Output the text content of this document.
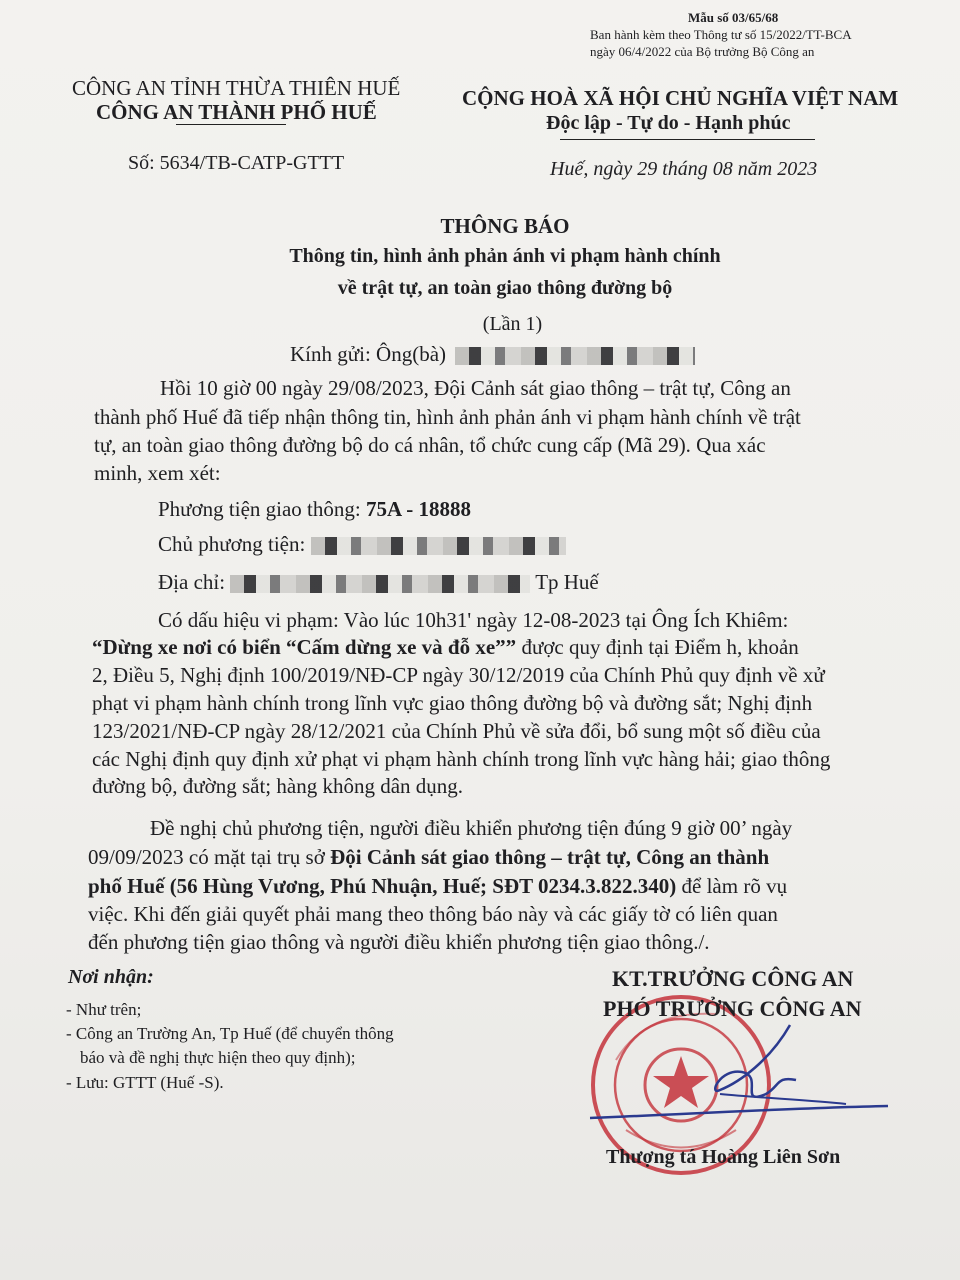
Mẫu số 03/65/68
Ban hành kèm theo Thông tư số 15/2022/TT-BCA
ngày 06/4/2022 của Bộ trưởng Bộ Công an
CÔNG AN TỈNH THỪA THIÊN HUẾ
CÔNG AN THÀNH PHỐ HUẾ
CỘNG HOÀ XÃ HỘI CHỦ NGHĨA VIỆT NAM
Độc lập - Tự do - Hạnh phúc
Số: 5634/TB-CATP-GTTT	Huế, ngày 29 tháng 08 năm 2023
THÔNG BÁO
Thông tin, hình ảnh phản ánh vi phạm hành chính
về trật tự, an toàn giao thông đường bộ
(Lần 1)
Kính gửi: Ông(bà)
Hồi 10 giờ 00 ngày 29/08/2023, Đội Cảnh sát giao thông – trật tự, Công an
thành phố Huế đã tiếp nhận thông tin, hình ảnh phản ánh vi phạm hành chính về trật
tự, an toàn giao thông đường bộ do cá nhân, tổ chức cung cấp (Mã 29). Qua xác
minh, xem xét:
Phương tiện giao thông: 75A - 18888
Chủ phương tiện:
Địa chỉ:	Tp Huế
Có dấu hiệu vi phạm: Vào lúc 10h31' ngày 12-08-2023 tại Ông Ích Khiêm:
“Dừng xe nơi có biển “Cấm dừng xe và đỗ xe”” được quy định tại Điểm h, khoản
2, Điều 5, Nghị định 100/2019/NĐ-CP ngày 30/12/2019 của Chính Phủ quy định về xử
phạt vi phạm hành chính trong lĩnh vực giao thông đường bộ và đường sắt; Nghị định
123/2021/NĐ-CP ngày 28/12/2021 của Chính Phủ về sửa đổi, bổ sung một số điều của
các Nghị định quy định xử phạt vi phạm hành chính trong lĩnh vực hàng hải; giao thông
đường bộ, đường sắt; hàng không dân dụng.
Đề nghị chủ phương tiện, người điều khiển phương tiện đúng 9 giờ 00’ ngày
09/09/2023 có mặt tại trụ sở Đội Cảnh sát giao thông – trật tự, Công an thành
phố Huế (56 Hùng Vương, Phú Nhuận, Huế; SĐT 0234.3.822.340) để làm rõ vụ
việc. Khi đến giải quyết phải mang theo thông báo này và các giấy tờ có liên quan
đến phương tiện giao thông và người điều khiển phương tiện giao thông./.
Nơi nhận:
- Như trên;
- Công an Trường An, Tp Huế (để chuyển thông
báo và đề nghị thực hiện theo quy định);
- Lưu: GTTT (Huế -S).
KT.TRƯỞNG CÔNG AN
PHÓ TRƯỞNG CÔNG AN
Thượng tá Hoàng Liên Sơn
